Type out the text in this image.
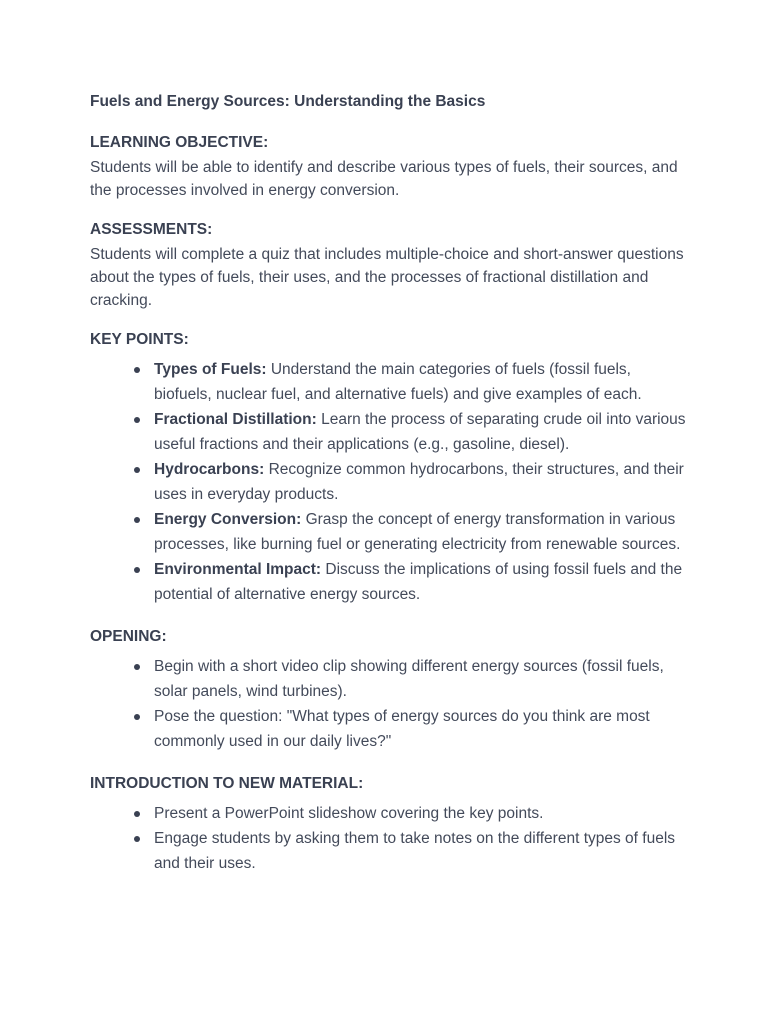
Fuels and Energy Sources: Understanding the Basics
LEARNING OBJECTIVE:
Students will be able to identify and describe various types of fuels, their sources, and the processes involved in energy conversion.
ASSESSMENTS:
Students will complete a quiz that includes multiple-choice and short-answer questions about the types of fuels, their uses, and the processes of fractional distillation and cracking.
KEY POINTS:
Types of Fuels: Understand the main categories of fuels (fossil fuels, biofuels, nuclear fuel, and alternative fuels) and give examples of each.
Fractional Distillation: Learn the process of separating crude oil into various useful fractions and their applications (e.g., gasoline, diesel).
Hydrocarbons: Recognize common hydrocarbons, their structures, and their uses in everyday products.
Energy Conversion: Grasp the concept of energy transformation in various processes, like burning fuel or generating electricity from renewable sources.
Environmental Impact: Discuss the implications of using fossil fuels and the potential of alternative energy sources.
OPENING:
Begin with a short video clip showing different energy sources (fossil fuels, solar panels, wind turbines).
Pose the question: "What types of energy sources do you think are most commonly used in our daily lives?"
INTRODUCTION TO NEW MATERIAL:
Present a PowerPoint slideshow covering the key points.
Engage students by asking them to take notes on the different types of fuels and their uses.
